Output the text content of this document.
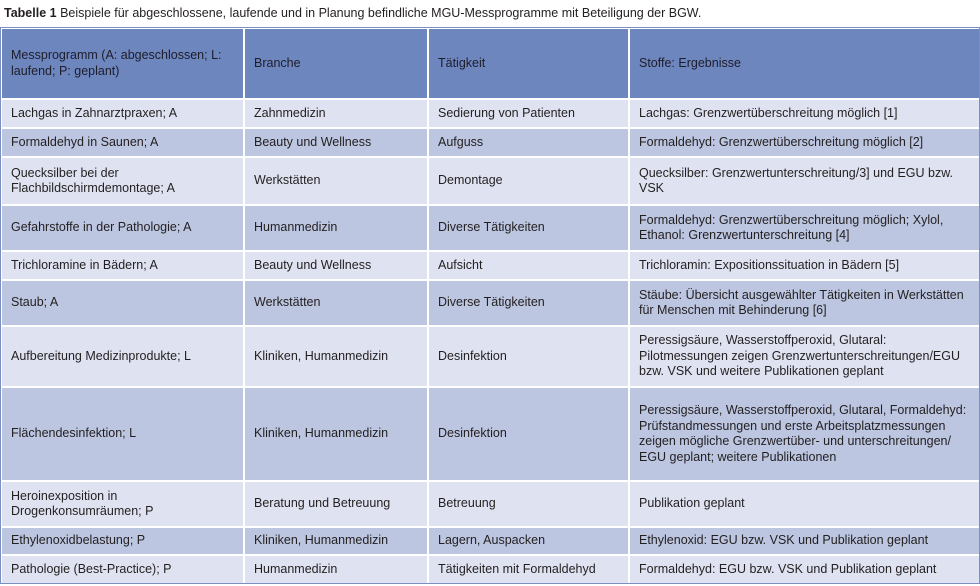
Tabelle 1 Beispiele für abgeschlossene, laufende und in Planung befindliche MGU-Messprogramme mit Beteiligung der BGW.
Messprogramm (A: abgeschlossen; L: laufend; P: geplant)	Branche	Tätigkeit	Stoffe: Ergebnisse
Lachgas in Zahnarztpraxen; A	Zahnmedizin	Sedierung von Patienten	Lachgas: Grenzwertüberschreitung möglich [1]
Formaldehyd in Saunen; A	Beauty und Wellness	Aufguss	Formaldehyd: Grenzwertüberschreitung möglich [2]
Quecksilber bei der Flachbildschirmdemontage; A	Werkstätten	Demontage	Quecksilber: Grenzwertunterschreitung/3] und EGU bzw. VSK
Gefahrstoffe in der Pathologie; A	Humanmedizin	Diverse Tätigkeiten	Formaldehyd: Grenzwertüberschreitung möglich; Xylol, Ethanol: Grenzwertunterschreitung [4]
Trichloramine in Bädern; A	Beauty und Wellness	Aufsicht	Trichloramin: Expositionssituation in Bädern [5]
Staub; A	Werkstätten	Diverse Tätigkeiten	Stäube: Übersicht ausgewählter Tätigkeiten in Werkstätten für Menschen mit Behinderung [6]
Aufbereitung Medizinprodukte; L	Kliniken, Humanmedizin	Desinfektion	Peressigsäure, Wasserstoffperoxid, Glutaral: Pilotmessungen zeigen Grenzwertunterschreitungen/EGU bzw. VSK und weitere Publikationen geplant
Flächendesinfektion; L	Kliniken, Humanmedizin	Desinfektion	Peressigsäure, Wasserstoffperoxid, Glutaral, Formaldehyd: Prüfstandmessungen und erste Arbeitsplatzmessungen zeigen mögliche Grenzwertüber- und unterschreitungen/ EGU geplant; weitere Publikationen
Heroinexposition in Drogenkonsumräumen; P	Beratung und Betreuung	Betreuung	Publikation geplant
Ethylenoxidbelastung; P	Kliniken, Humanmedizin	Lagern, Auspacken	Ethylenoxid: EGU bzw. VSK und Publikation geplant
Pathologie (Best-Practice); P	Humanmedizin	Tätigkeiten mit Formaldehyd	Formaldehyd: EGU bzw. VSK und Publikation geplant
